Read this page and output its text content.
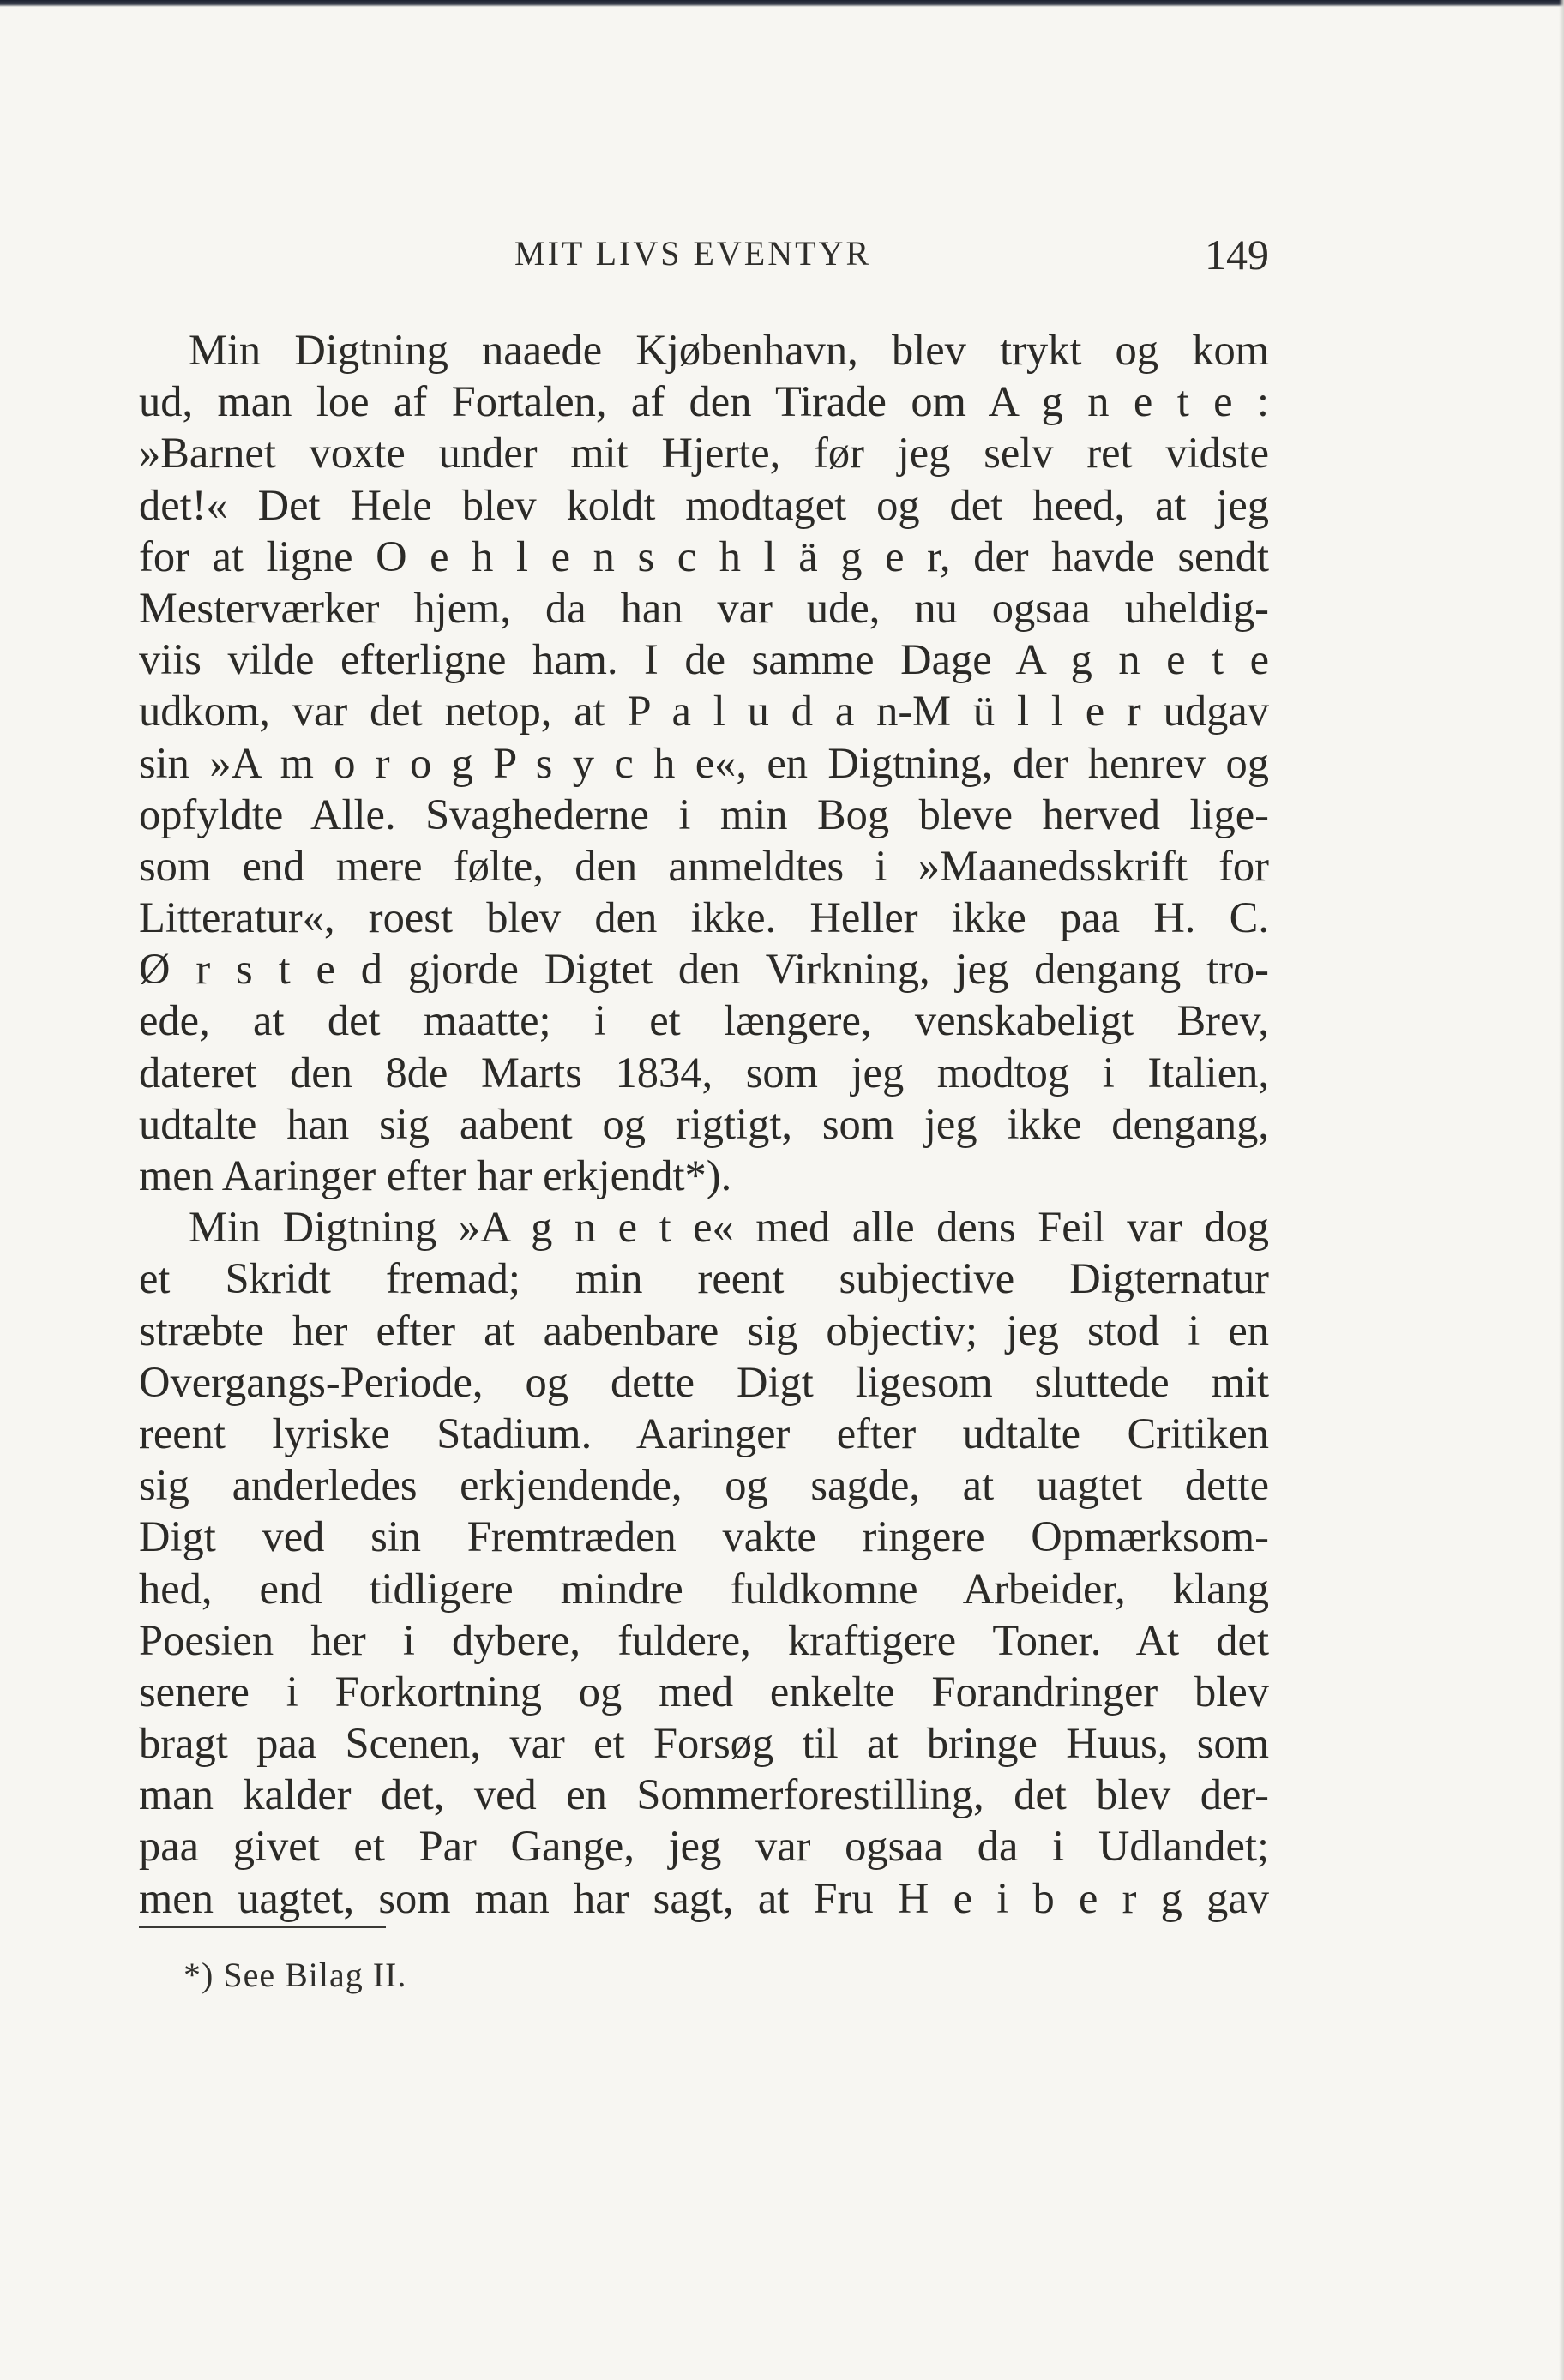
MIT LIVS EVENTYR	149
Min Digtning naaede Kjøbenhavn, blev trykt og kom
ud, man loe af Fortalen, af den Tirade om A g n e t e :
»Barnet voxte under mit Hjerte, før jeg selv ret vidste
det!« Det Hele blev koldt modtaget og det heed, at jeg
for at ligne O e h l e n s c h l ä g e r, der havde sendt
Mesterværker hjem, da han var ude, nu ogsaa uheldig-
viis vilde efterligne ham. I de samme Dage A g n e t e
udkom, var det netop, at P a l u d a n-M ü l l e r udgav
sin »A m o r o g P s y c h e«, en Digtning, der henrev og
opfyldte Alle. Svaghederne i min Bog bleve herved lige-
som end mere følte, den anmeldtes i »Maanedsskrift for
Litteratur«, roest blev den ikke. Heller ikke paa H. C.
Ø r s t e d gjorde Digtet den Virkning, jeg dengang tro-
ede, at det maatte; i et længere, venskabeligt Brev,
dateret den 8de Marts 1834, som jeg modtog i Italien,
udtalte han sig aabent og rigtigt, som jeg ikke dengang,
men Aaringer efter har erkjendt*).
Min Digtning »A g n e t e« med alle dens Feil var dog
et Skridt fremad; min reent subjective Digternatur
stræbte her efter at aabenbare sig objectiv; jeg stod i en
Overgangs-Periode, og dette Digt ligesom sluttede mit
reent lyriske Stadium. Aaringer efter udtalte Critiken
sig anderledes erkjendende, og sagde, at uagtet dette
Digt ved sin Fremtræden vakte ringere Opmærksom-
hed, end tidligere mindre fuldkomne Arbeider, klang
Poesien her i dybere, fuldere, kraftigere Toner. At det
senere i Forkortning og med enkelte Forandringer blev
bragt paa Scenen, var et Forsøg til at bringe Huus, som
man kalder det, ved en Sommerforestilling, det blev der-
paa givet et Par Gange, jeg var ogsaa da i Udlandet;
men uagtet, som man har sagt, at Fru H e i b e r g gav
*) See Bilag II.
